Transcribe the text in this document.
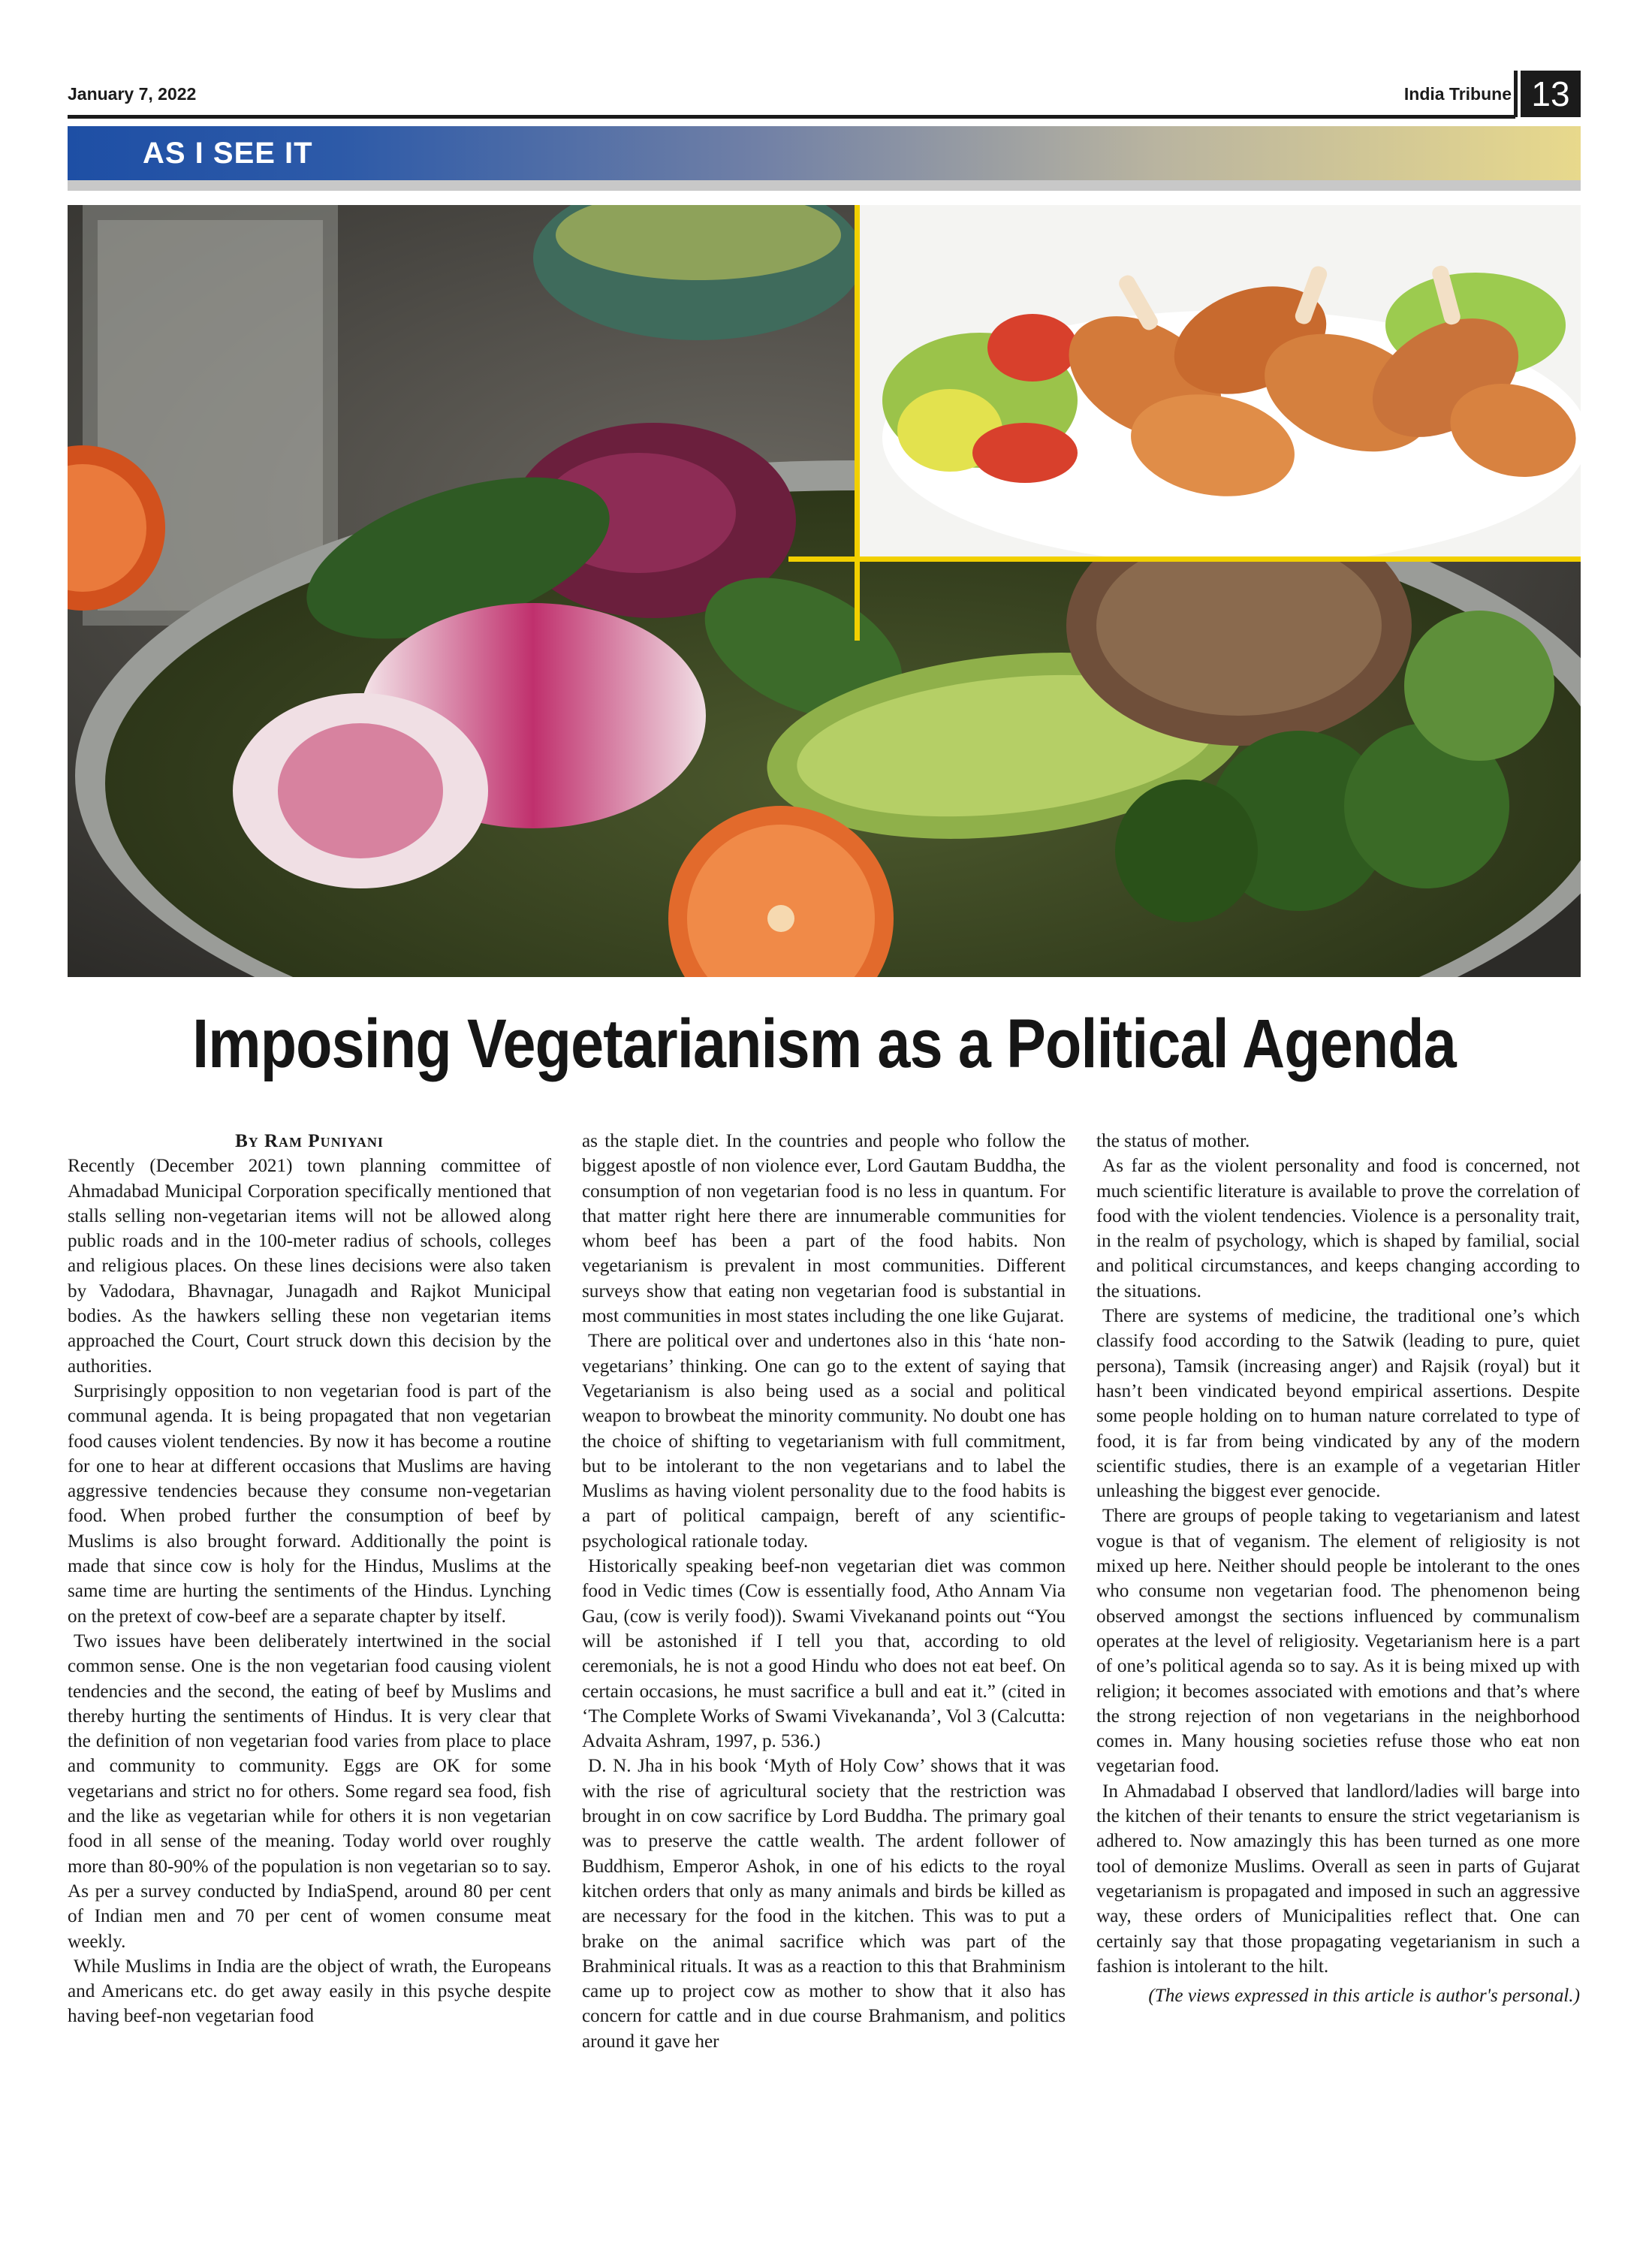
January 7, 2022	India Tribune 13
AS I SEE IT
Imposing Vegetarianism as a Political Agenda
By Ram Puniyani

Recently (December 2021) town planning committee of Ahmadabad Municipal Corporation specifically mentioned that stalls selling non-vegetarian items will not be allowed along public roads and in the 100-meter radius of schools, colleges and religious places. On these lines decisions were also taken by Vadodara, Bhavnagar, Junagadh and Rajkot Municipal bodies. As the hawkers selling these non vegetarian items approached the Court, Court struck down this decision by the authorities.

Surprisingly opposition to non vegetarian food is part of the communal agenda. It is being propagated that non vegetarian food causes violent tendencies. By now it has become a routine for one to hear at different occasions that Muslims are having aggressive tendencies because they consume non-vegetarian food. When probed further the consumption of beef by Muslims is also brought forward. Additionally the point is made that since cow is holy for the Hindus, Muslims at the same time are hurting the sentiments of the Hindus. Lynching on the pretext of cow-beef are a separate chapter by itself.

Two issues have been deliberately intertwined in the social common sense. One is the non vegetarian food causing violent tendencies and the second, the eating of beef by Muslims and thereby hurting the sentiments of Hindus. It is very clear that the definition of non vegetarian food varies from place to place and community to community. Eggs are OK for some vegetarians and strict no for others. Some regard sea food, fish and the like as vegetarian while for others it is non vegetarian food in all sense of the meaning. Today world over roughly more than 80-90% of the population is non vegetarian so to say. As per a survey conducted by IndiaSpend, around 80 per cent of Indian men and 70 per cent of women consume meat weekly.

While Muslims in India are the object of wrath, the Europeans and Americans etc. do get away easily in this psyche despite having beef-non vegetarian food

as the staple diet. In the countries and people who follow the biggest apostle of non violence ever, Lord Gautam Buddha, the consumption of non vegetarian food is no less in quantum. For that matter right here there are innumerable communities for whom beef has been a part of the food habits. Non vegetarianism is prevalent in most communities. Different surveys show that eating non vegetarian food is substantial in most communities in most states including the one like Gujarat.

There are political over and undertones also in this ‘hate non-vegetarians’ thinking. One can go to the extent of saying that Vegetarianism is also being used as a social and political weapon to browbeat the minority community. No doubt one has the choice of shifting to vegetarianism with full commitment, but to be intolerant to the non vegetarians and to label the Muslims as having violent personality due to the food habits is a part of political campaign, bereft of any scientific-psychological rationale today.

Historically speaking beef-non vegetarian diet was common food in Vedic times (Cow is essentially food, Atho Annam Via Gau, (cow is verily food)). Swami Vivekanand points out “You will be astonished if I tell you that, according to old ceremonials, he is not a good Hindu who does not eat beef. On certain occasions, he must sacrifice a bull and eat it.” (cited in ‘The Complete Works of Swami Vivekananda’, Vol 3 (Calcutta: Advaita Ashram, 1997, p. 536.)

D. N. Jha in his book ‘Myth of Holy Cow’ shows that it was with the rise of agricultural society that the restriction was brought in on cow sacrifice by Lord Buddha. The primary goal was to preserve the cattle wealth. The ardent follower of Buddhism, Emperor Ashok, in one of his edicts to the royal kitchen orders that only as many animals and birds be killed as are necessary for the food in the kitchen. This was to put a brake on the animal sacrifice which was part of the Brahminical rituals. It was as a reaction to this that Brahminism came up to project cow as mother to show that it also has concern for cattle and in due course Brahmanism, and politics around it gave her

the status of mother.

As far as the violent personality and food is concerned, not much scientific literature is available to prove the correlation of food with the violent tendencies. Violence is a personality trait, in the realm of psychology, which is shaped by familial, social and political circumstances, and keeps changing according to the situations.

There are systems of medicine, the traditional one’s which classify food according to the Satwik (leading to pure, quiet persona), Tamsik (increasing anger) and Rajsik (royal) but it hasn’t been vindicated beyond empirical assertions. Despite some people holding on to human nature correlated to type of food, it is far from being vindicated by any of the modern scientific studies, there is an example of a vegetarian Hitler unleashing the biggest ever genocide.

There are groups of people taking to vegetarianism and latest vogue is that of veganism. The element of religiosity is not mixed up here. Neither should people be intolerant to the ones who consume non vegetarian food. The phenomenon being observed amongst the sections influenced by communalism operates at the level of religiosity. Vegetarianism here is a part of one’s political agenda so to say. As it is being mixed up with religion; it becomes associated with emotions and that’s where the strong rejection of non vegetarians in the neighborhood comes in. Many housing societies refuse those who eat non vegetarian food.

In Ahmadabad I observed that landlord/ladies will barge into the kitchen of their tenants to ensure the strict vegetarianism is adhered to. Now amazingly this has been turned as one more tool of demonize Muslims. Overall as seen in parts of Gujarat vegetarianism is propagated and imposed in such an aggressive way, these orders of Municipalities reflect that. One can certainly say that those propagating vegetarianism in such a fashion is intolerant to the hilt.

(The views expressed in this article is author's personal.)
